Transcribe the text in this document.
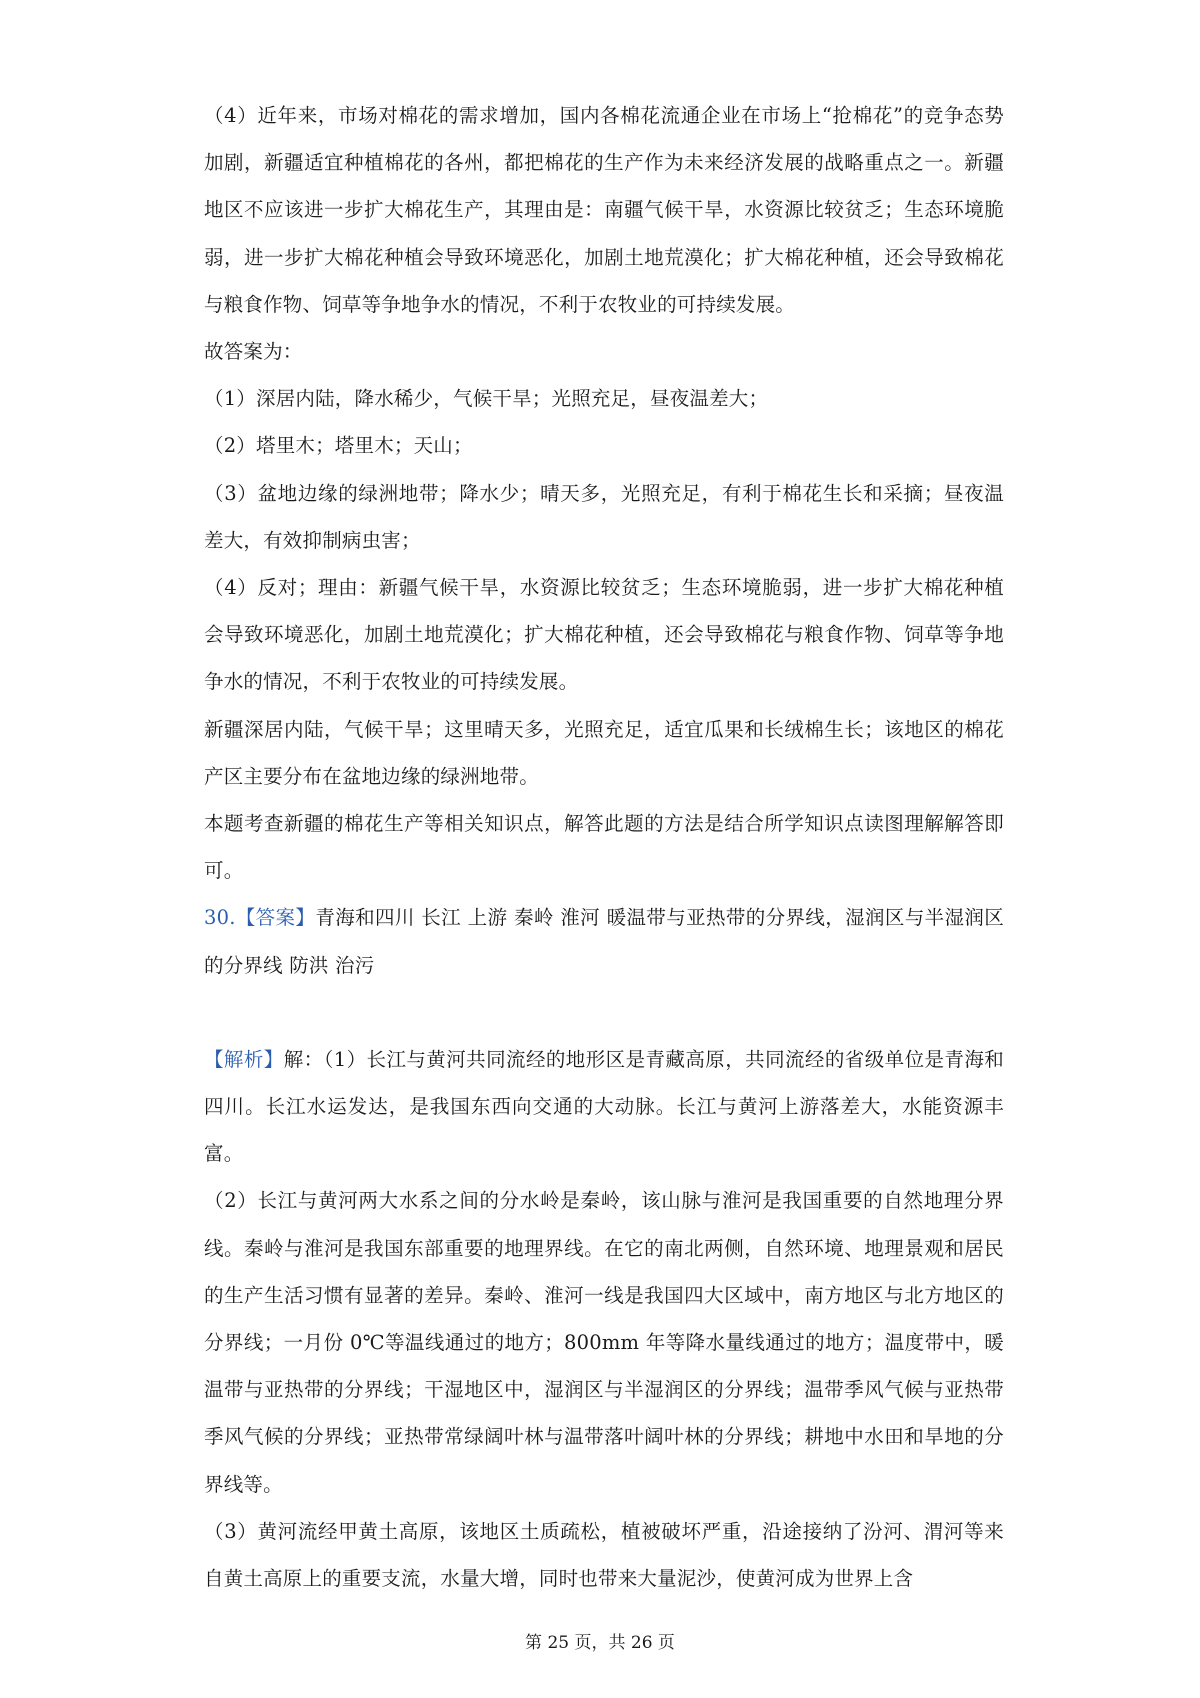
（4）近年来，市场对棉花的需求增加，国内各棉花流通企业在市场上“抢棉花”的竞争态势加剧，新疆适宜种植棉花的各州，都把棉花的生产作为未来经济发展的战略重点之一。新疆地区不应该进一步扩大棉花生产，其理由是：南疆气候干旱，水资源比较贫乏；生态环境脆弱，进一步扩大棉花种植会导致环境恶化，加剧土地荒漠化；扩大棉花种植，还会导致棉花与粮食作物、饲草等争地争水的情况，不利于农牧业的可持续发展。

故答案为：

（1）深居内陆，降水稀少，气候干旱；光照充足，昼夜温差大；

（2）塔里木；塔里木；天山；

（3）盆地边缘的绿洲地带；降水少；晴天多，光照充足，有利于棉花生长和采摘；昼夜温差大，有效抑制病虫害；

（4）反对；理由：新疆气候干旱，水资源比较贫乏；生态环境脆弱，进一步扩大棉花种植会导致环境恶化，加剧土地荒漠化；扩大棉花种植，还会导致棉花与粮食作物、饲草等争地争水的情况，不利于农牧业的可持续发展。

新疆深居内陆，气候干旱；这里晴天多，光照充足，适宜瓜果和长绒棉生长；该地区的棉花产区主要分布在盆地边缘的绿洲地带。

本题考查新疆的棉花生产等相关知识点，解答此题的方法是结合所学知识点读图理解解答即可。

30.【答案】青海和四川 长江 上游 秦岭 淮河 暖温带与亚热带的分界线，湿润区与半湿润区的分界线 防洪 治污

【解析】解：（1）长江与黄河共同流经的地形区是青藏高原，共同流经的省级单位是青海和四川。长江水运发达，是我国东西向交通的大动脉。长江与黄河上游落差大，水能资源丰富。

（2）长江与黄河两大水系之间的分水岭是秦岭，该山脉与淮河是我国重要的自然地理分界线。秦岭与淮河是我国东部重要的地理界线。在它的南北两侧，自然环境、地理景观和居民的生产生活习惯有显著的差异。秦岭、淮河一线是我国四大区域中，南方地区与北方地区的分界线；一月份 0℃等温线通过的地方；800mm 年等降水量线通过的地方；温度带中，暖温带与亚热带的分界线；干湿地区中，湿润区与半湿润区的分界线；温带季风气候与亚热带季风气候的分界线；亚热带常绿阔叶林与温带落叶阔叶林的分界线；耕地中水田和旱地的分界线等。

（3）黄河流经甲黄土高原，该地区土质疏松，植被破坏严重，沿途接纳了汾河、渭河等来自黄土高原上的重要支流，水量大增，同时也带来大量泥沙，使黄河成为世界上含

第 25 页，共 26 页
